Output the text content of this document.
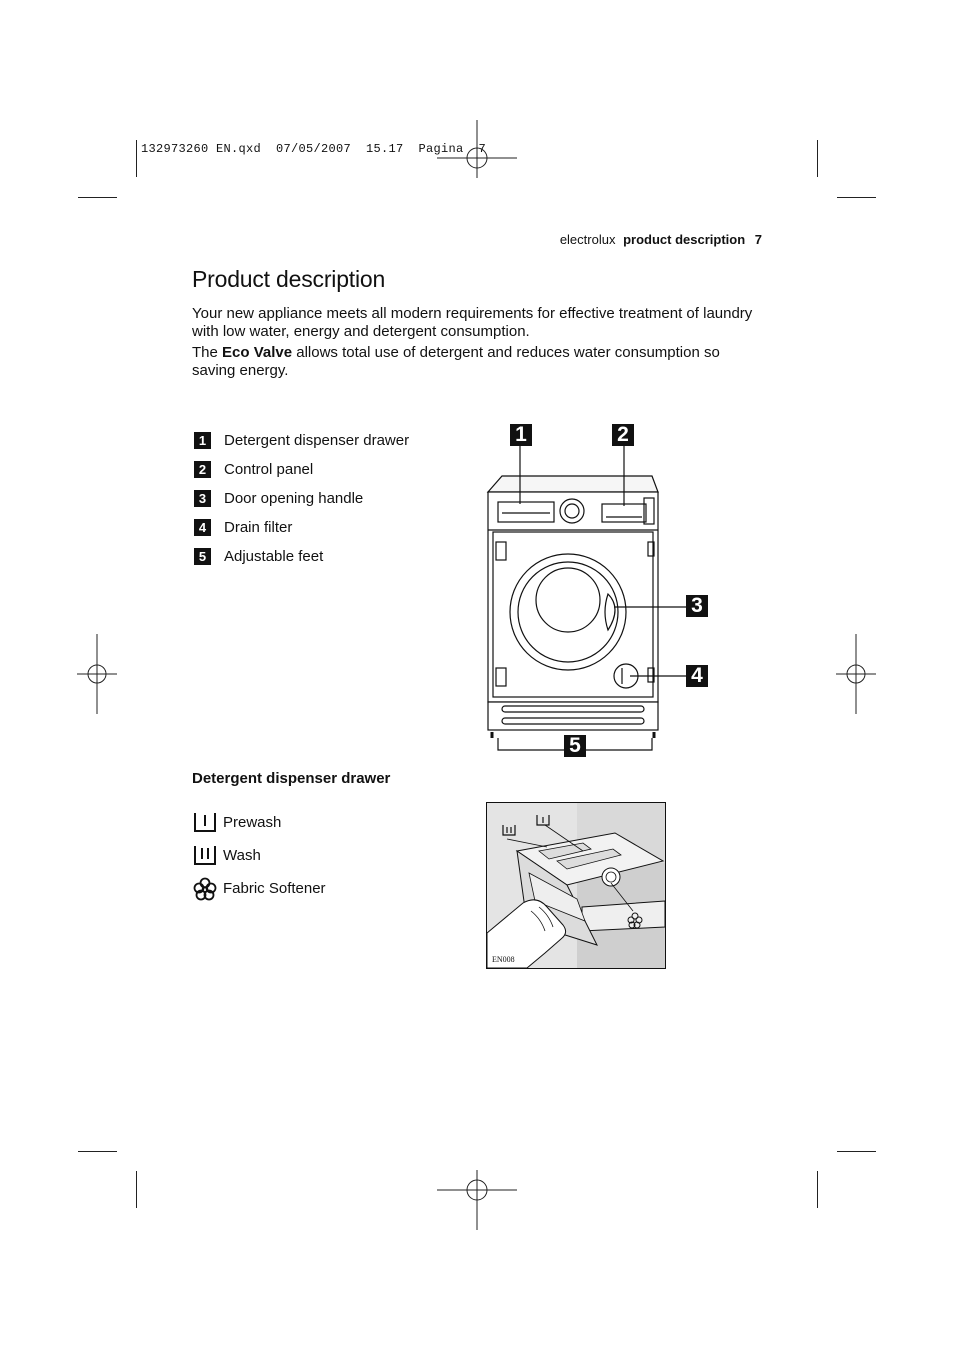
132973260 EN.qxd  07/05/2007  15.17  Pagina  7
electrolux product description 7
Product description
Your new appliance meets all modern requirements for effective treatment of laundry with low water, energy and detergent consumption.
The Eco Valve allows total use of detergent and reduces water consumption so saving energy.
1	Detergent dispenser drawer
2	Control panel
3	Door opening handle
4	Drain filter
5	Adjustable feet
1	2
3
4
5
Detergent dispenser drawer
Prewash
Wash
Fabric Softener
EN008
